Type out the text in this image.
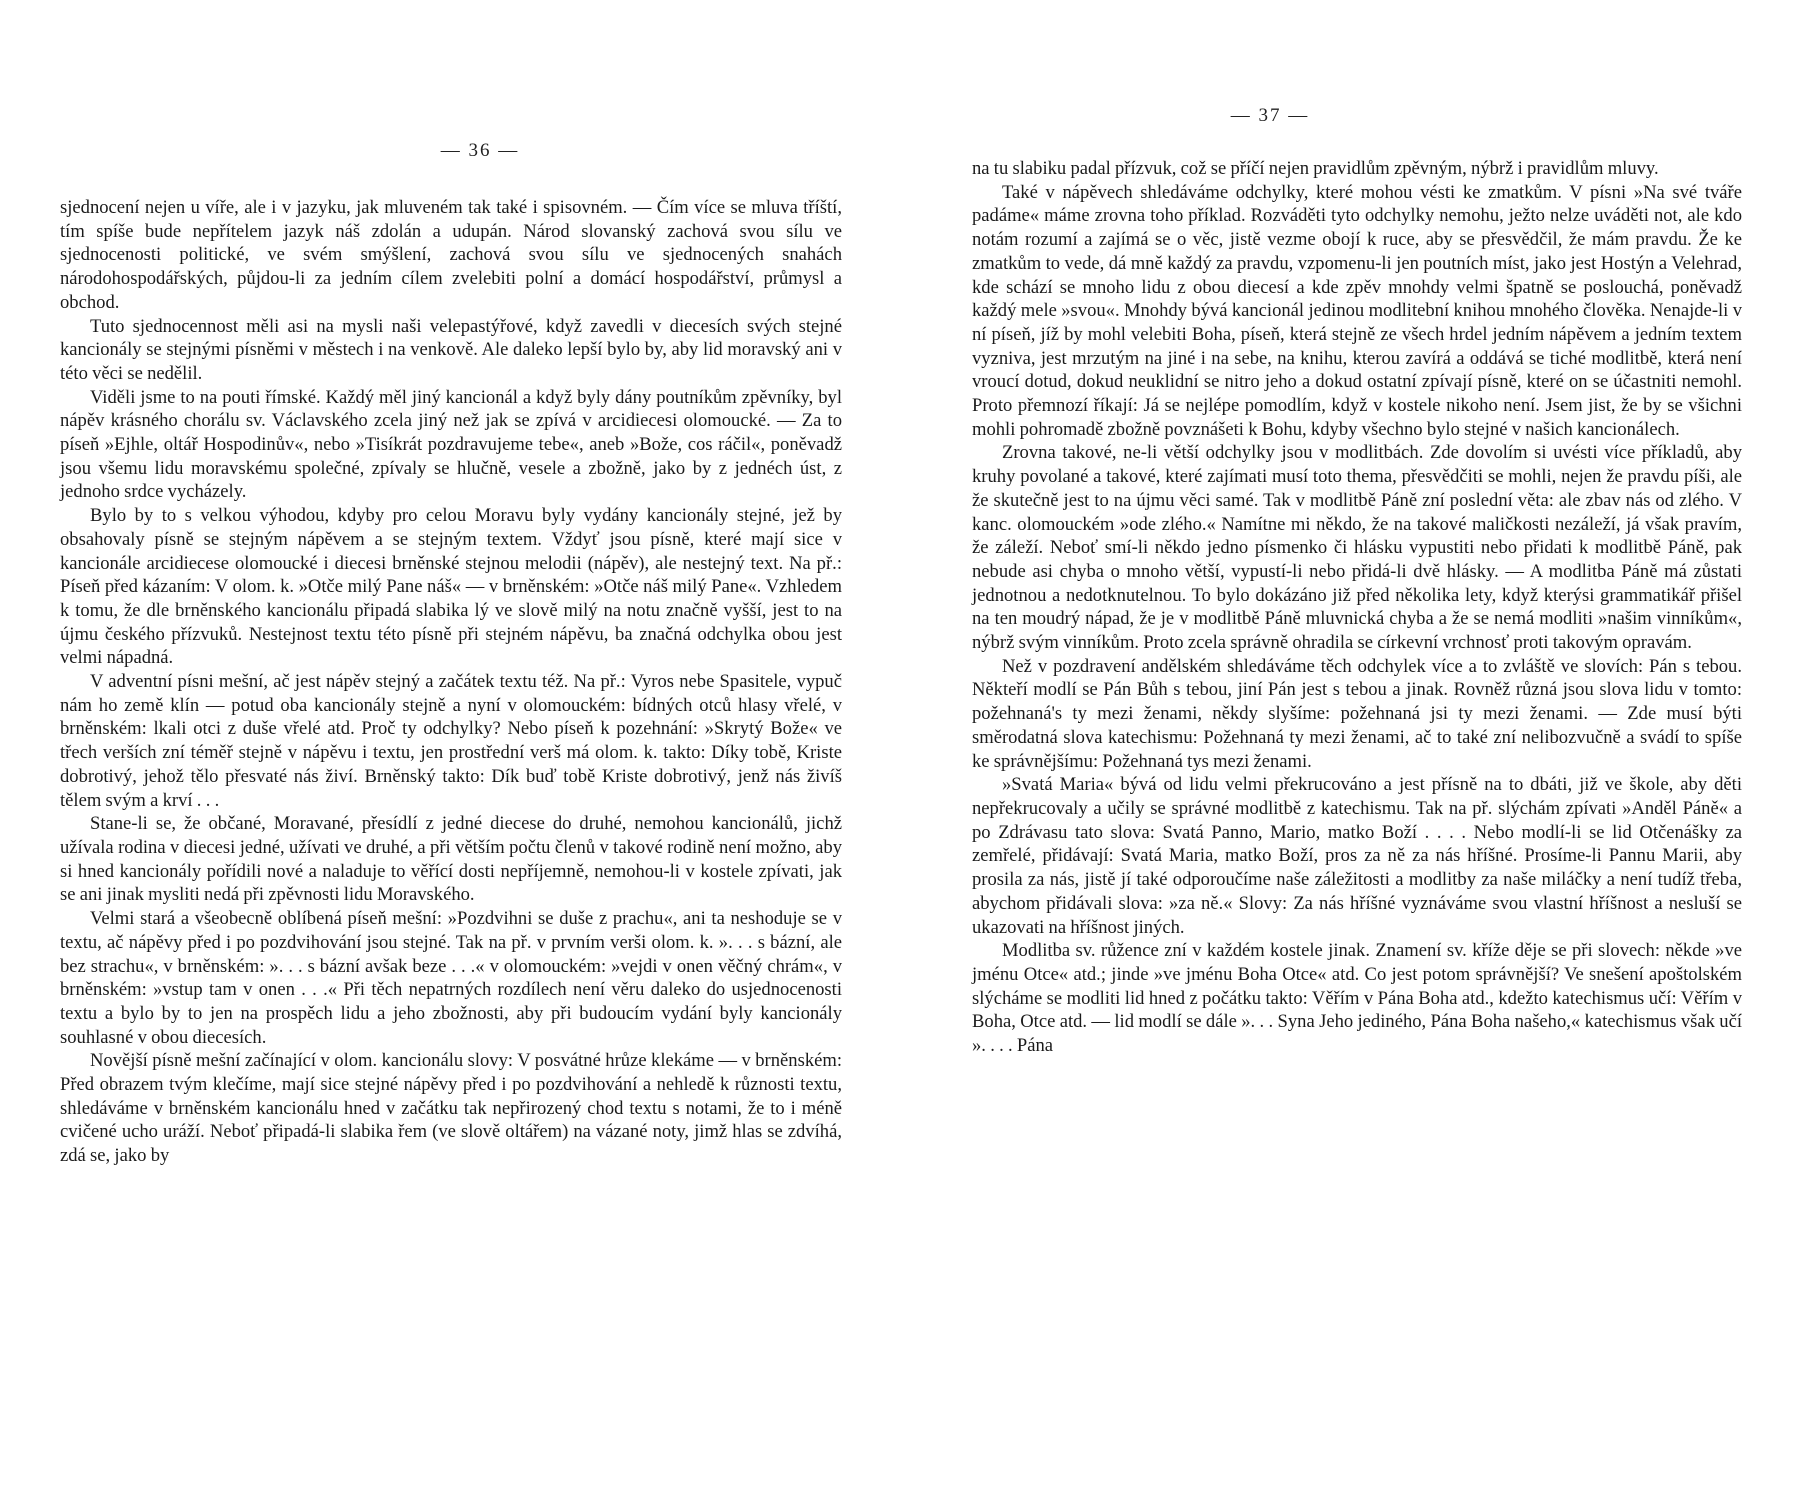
— 36 —

sjednocení nejen u víře, ale i v jazyku, jak mluveném tak také i spisovném. — Čím více se mluva tříští, tím spíše bude nepřítelem jazyk náš zdolán a udupán. Národ slovanský zachová svou sílu ve sjednocenosti politické, ve svém smýšlení, zachová svou sílu ve sjednocených snahách národohospodářských, půjdou-li za jedním cílem zvelebiti polní a domácí hospodářství, průmysl a obchod.

Tuto sjednocennost měli asi na mysli naši velepastýřové, když zavedli v diecesích svých stejné kancionály se stejnými písněmi v městech i na venkově. Ale daleko lepší bylo by, aby lid moravský ani v této věci se nedělil.

Viděli jsme to na pouti římské. Každý měl jiný kancionál a když byly dány poutníkům zpěvníky, byl nápěv krásného chorálu sv. Václavského zcela jiný než jak se zpívá v arcidiecesi olomoucké. — Za to píseň »Ejhle, oltář Hospodinův«, nebo »Tisíkrát pozdravujeme tebe«, aneb »Bože, cos ráčil«, poněvadž jsou všemu lidu moravskému společné, zpívaly se hlučně, vesele a zbožně, jako by z jednéch úst, z jednoho srdce vycházely.

Bylo by to s velkou výhodou, kdyby pro celou Moravu byly vydány kancionály stejné, jež by obsahovaly písně se stejným nápěvem a se stejným textem. Vždyť jsou písně, které mají sice v kancionále arcidiecese olomoucké i diecesi brněnské stejnou melodii (nápěv), ale nestejný text. Na př.: Píseň před kázaním: V olom. k. »Otče milý Pane náš« — v brněnském: »Otče náš milý Pane«. Vzhledem k tomu, že dle brněnského kancionálu připadá slabika lý ve slově milý na notu značně vyšší, jest to na újmu českého přízvuků. Nestejnost textu této písně při stejném nápěvu, ba značná odchylka obou jest velmi nápadná.

V adventní písni mešní, ač jest nápěv stejný a začátek textu též. Na př.: Vyros nebe Spasitele, vypuč nám ho země klín — potud oba kancionály stejně a nyní v olomouckém: bídných otců hlasy vřelé, v brněnském: lkali otci z duše vřelé atd. Proč ty odchylky? Nebo píseň k pozehnání: »Skrytý Bože« ve třech verších zní téměř stejně v nápěvu i textu, jen prostřední verš má olom. k. takto: Díky tobě, Kriste dobrotivý, jehož tělo přesvaté nás živí. Brněnský takto: Dík buď tobě Kriste dobrotivý, jenž nás živíš tělem svým a krví . . .

Stane-li se, že občané, Moravané, přesídlí z jedné diecese do druhé, nemohou kancionálů, jichž užívala rodina v diecesi jedné, užívati ve druhé, a při větším počtu členů v takové rodině není možno, aby si hned kancionály pořídili nové a naladuje to věřící dosti nepříjemně, nemohou-li v kostele zpívati, jak se ani jinak mysliti nedá při zpěvnosti lidu Moravského.

Velmi stará a všeobecně oblíbená píseň mešní: »Pozdvihni se duše z prachu«, ani ta neshoduje se v textu, ač nápěvy před i po pozdvihování jsou stejné. Tak na př. v prvním verši olom. k. ». . . s bázní, ale bez strachu«, v brněnském: ». . . s bázní avšak beze . . .« v olomouckém: »vejdi v onen věčný chrám«, v brněnském: »vstup tam v onen . . .« Při těch nepatrných rozdílech není věru daleko do usjednocenosti textu a bylo by to jen na prospěch lidu a jeho zbožnosti, aby při budoucím vydání byly kancionály souhlasné v obou diecesích.

Novější písně mešní začínající v olom. kancionálu slovy: V posvátné hrůze klekáme — v brněnském: Před obrazem tvým klečíme, mají sice stejné nápěvy před i po pozdvihování a nehledě k různosti textu, shledáváme v brněnském kancionálu hned v začátku tak nepřirozený chod textu s notami, že to i méně cvičené ucho uráží. Neboť připadá-li slabika řem (ve slově oltářem) na vázané noty, jimž hlas se zdvíhá, zdá se, jako by

— 37 —

na tu slabiku padal přízvuk, což se příčí nejen pravidlům zpěvným, nýbrž i pravidlům mluvy.

Také v nápěvech shledáváme odchylky, které mohou vésti ke zmatkům. V písni »Na své tváře padáme« máme zrovna toho příklad. Rozváděti tyto odchylky nemohu, ježto nelze uváděti not, ale kdo notám rozumí a zajímá se o věc, jistě vezme obojí k ruce, aby se přesvědčil, že mám pravdu. Že ke zmatkům to vede, dá mně každý za pravdu, vzpomenu-li jen poutních míst, jako jest Hostýn a Velehrad, kde schází se mnoho lidu z obou diecesí a kde zpěv mnohdy velmi špatně se poslouchá, poněvadž každý mele »svou«. Mnohdy bývá kancionál jedinou modlitební knihou mnohého člověka. Nenajde-li v ní píseň, jíž by mohl velebiti Boha, píseň, která stejně ze všech hrdel jedním nápěvem a jedním textem vyzniva, jest mrzutým na jiné i na sebe, na knihu, kterou zavírá a oddává se tiché modlitbě, která není vroucí dotud, dokud neuklidní se nitro jeho a dokud ostatní zpívají písně, které on se účastniti nemohl. Proto přemnozí říkají: Já se nejlépe pomodlím, když v kostele nikoho není. Jsem jist, že by se všichni mohli pohromadě zbožně povznášeti k Bohu, kdyby všechno bylo stejné v našich kancionálech.

Zrovna takové, ne-li větší odchylky jsou v modlitbách. Zde dovolím si uvésti více příkladů, aby kruhy povolané a takové, které zajímati musí toto thema, přesvědčiti se mohli, nejen že pravdu píši, ale že skutečně jest to na újmu věci samé. Tak v modlitbě Páně zní poslední věta: ale zbav nás od zlého. V kanc. olomouckém »ode zlého.« Namítne mi někdo, že na takové maličkosti nezáleží, já však pravím, že záleží. Neboť smí-li někdo jedno písmenko či hlásku vypustiti nebo přidati k modlitbě Páně, pak nebude asi chyba o mnoho větší, vypustí-li nebo přidá-li dvě hlásky. — A modlitba Páně má zůstati jednotnou a nedotknutelnou. To bylo dokázáno již před několika lety, když kterýsi grammatikář přišel na ten moudrý nápad, že je v modlitbě Páně mluvnická chyba a že se nemá modliti »našim vinníkům«, nýbrž svým vinníkům. Proto zcela správně ohradila se církevní vrchnosť proti takovým opravám.

Než v pozdravení andělském shledáváme těch odchylek více a to zvláště ve slovích: Pán s tebou. Někteří modlí se Pán Bůh s tebou, jiní Pán jest s tebou a jinak. Rovněž různá jsou slova lidu v tomto: požehnaná's ty mezi ženami, někdy slyšíme: požehnaná jsi ty mezi ženami. — Zde musí býti směrodatná slova katechismu: Požehnaná ty mezi ženami, ač to také zní nelibozvučně a svádí to spíše ke správnějšímu: Požehnaná tys mezi ženami.

»Svatá Maria« bývá od lidu velmi překrucováno a jest přísně na to dbáti, již ve škole, aby děti nepřekrucovaly a učily se správné modlitbě z katechismu. Tak na př. slýchám zpívati »Anděl Páně« a po Zdrávasu tato slova: Svatá Panno, Mario, matko Boží . . . . Nebo modlí-li se lid Otčenášky za zemřelé, přidávají: Svatá Maria, matko Boží, pros za ně za nás hříšné. Prosíme-li Pannu Marii, aby prosila za nás, jistě jí také odporoučíme naše záležitosti a modlitby za naše miláčky a není tudíž třeba, abychom přidávali slova: »za ně.« Slovy: Za nás hříšné vyznáváme svou vlastní hříšnost a nesluší se ukazovati na hříšnost jiných.

Modlitba sv. růžence zní v každém kostele jinak. Znamení sv. kříže děje se při slovech: někde »ve jménu Otce« atd.; jinde »ve jménu Boha Otce« atd. Co jest potom správnější? Ve snešení apoštolském slýcháme se modliti lid hned z počátku takto: Věřím v Pána Boha atd., kdežto katechismus učí: Věřím v Boha, Otce atd. — lid modlí se dále ». . . Syna Jeho jediného, Pána Boha našeho,« katechismus však učí ». . . . Pána
